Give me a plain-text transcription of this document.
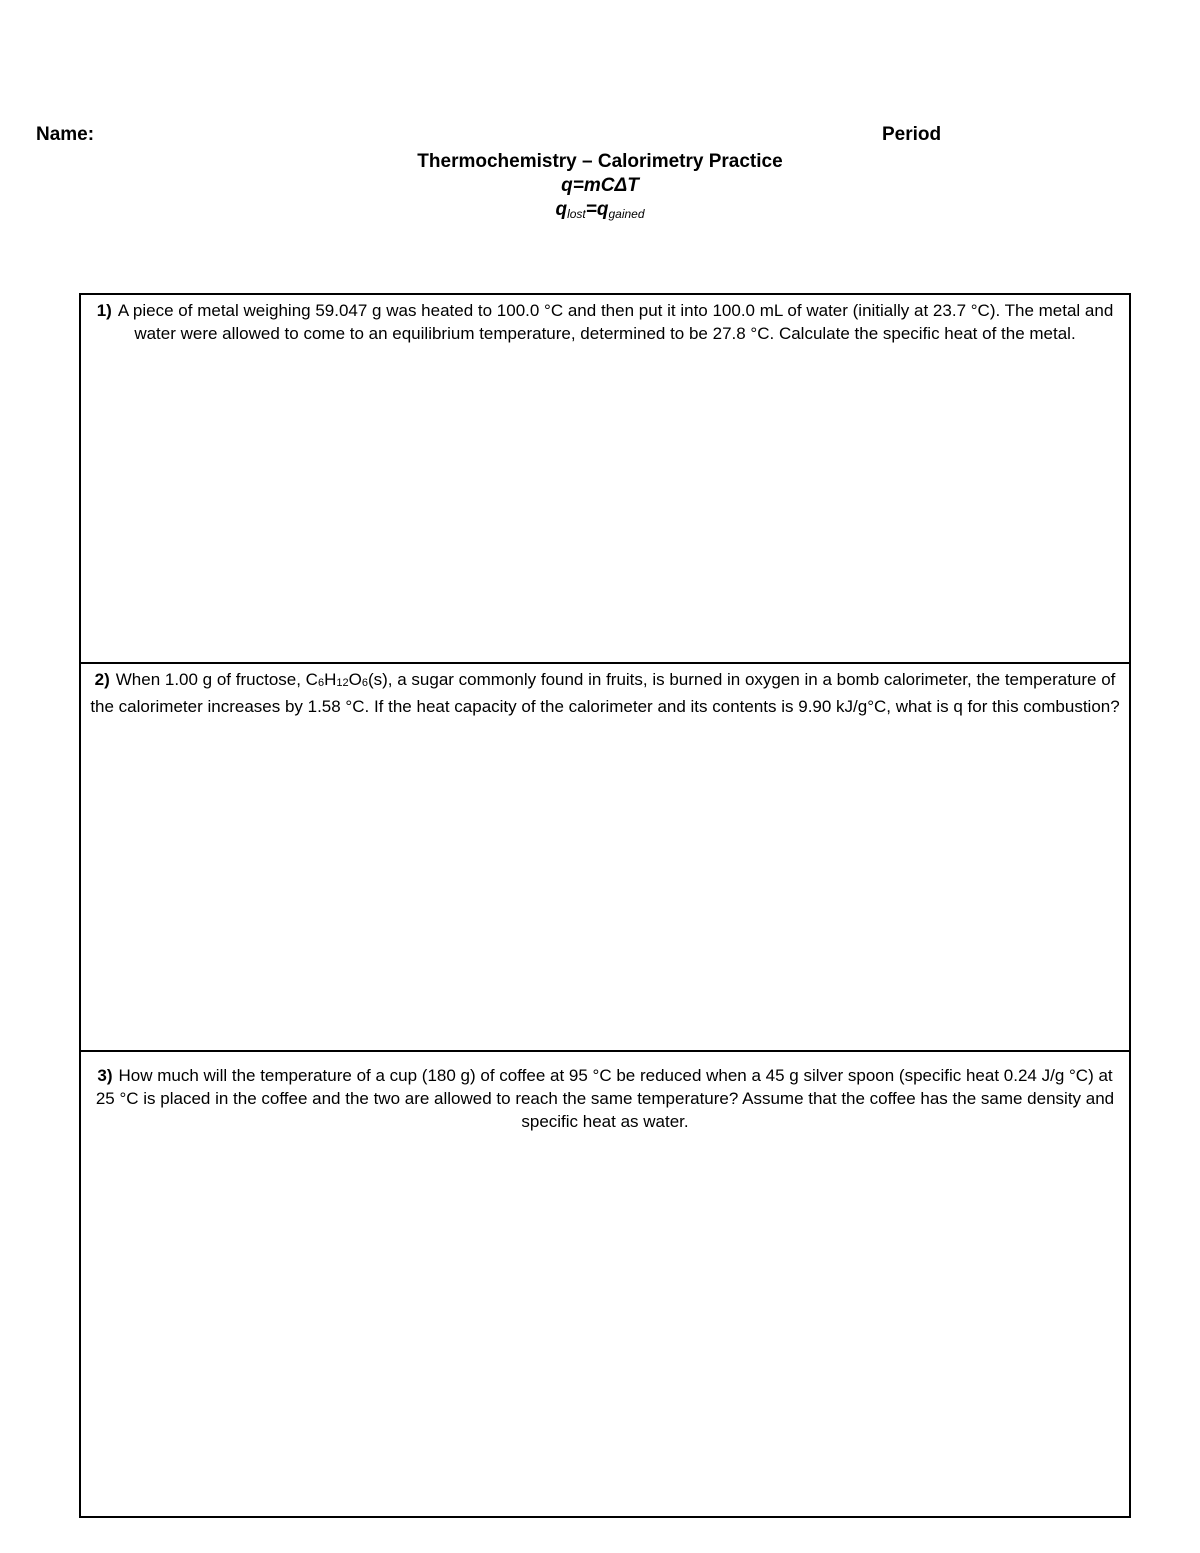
Name:	Period
Thermochemistry – Calorimetry Practice
q=mCΔT
$q_{lost}=q_{gained}$
1) A piece of metal weighing 59.047 g was heated to 100.0 °C and then put it into 100.0 mL of water (initially at 23.7 °C). The metal and water were allowed to come to an equilibrium temperature, determined to be 27.8 °C. Calculate the specific heat of the metal.
2) When 1.00 g of fructose, C6H12O6(s), a sugar commonly found in fruits, is burned in oxygen in a bomb calorimeter, the temperature of the calorimeter increases by 1.58 °C. If the heat capacity of the calorimeter and its contents is 9.90 kJ/g°C, what is q for this combustion?
3) How much will the temperature of a cup (180 g) of coffee at 95 °C be reduced when a 45 g silver spoon (specific heat 0.24 J/g °C) at 25 °C is placed in the coffee and the two are allowed to reach the same temperature? Assume that the coffee has the same density and specific heat as water.
